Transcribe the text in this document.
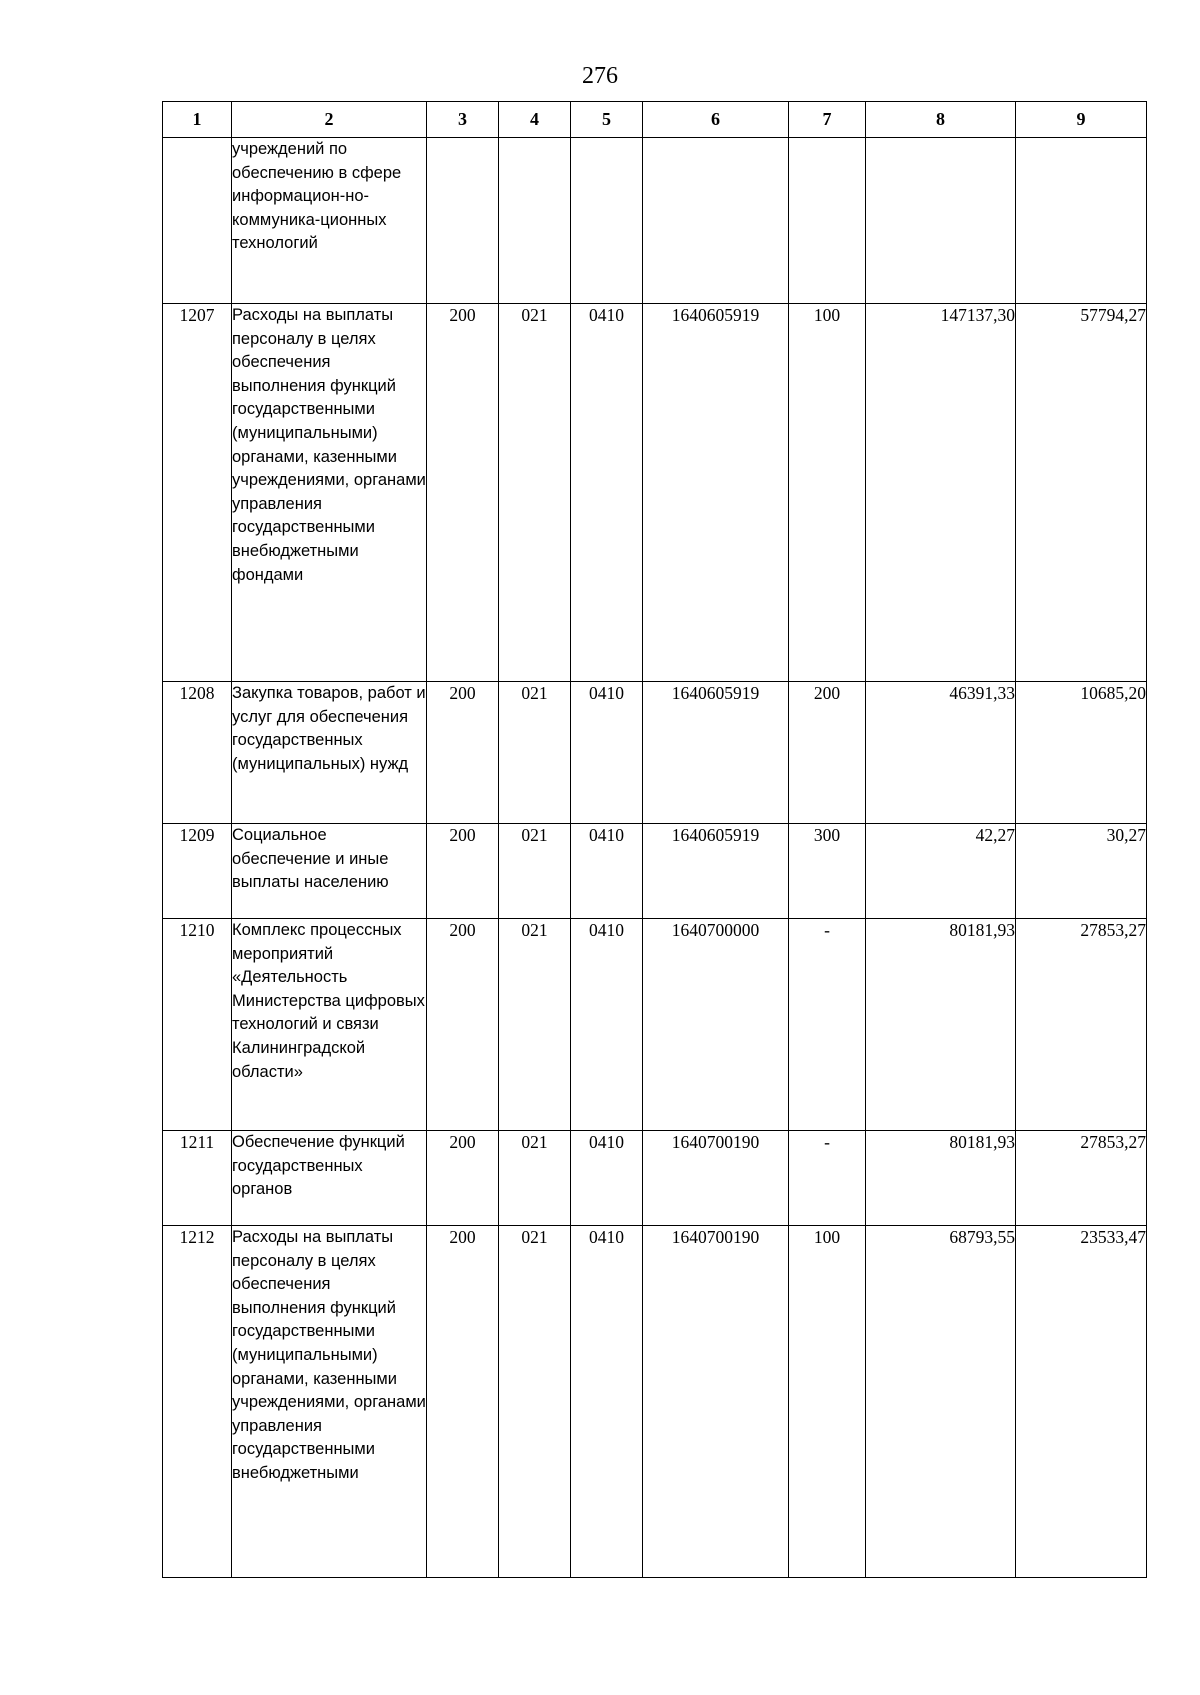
276
1	2	3	4	5	6	7	8	9
	учреждений по обеспечению в сфере информацион-но-коммуника-ционных технологий							
1207	Расходы на выплаты персоналу в целях обеспечения выполнения функций государственными (муниципальными) органами, казенными учреждениями, органами управления государственными внебюджетными фондами	200	021	0410	1640605919	100	147137,30	57794,27
1208	Закупка товаров, работ и услуг для обеспечения государственных (муниципальных) нужд	200	021	0410	1640605919	200	46391,33	10685,20
1209	Социальное обеспечение и иные выплаты населению	200	021	0410	1640605919	300	42,27	30,27
1210	Комплекс процессных мероприятий «Деятельность Министерства цифровых технологий и связи Калининградской области»	200	021	0410	1640700000	-	80181,93	27853,27
1211	Обеспечение функций государственных органов	200	021	0410	1640700190	-	80181,93	27853,27
1212	Расходы на выплаты персоналу в целях обеспечения выполнения функций государственными (муниципальными) органами, казенными учреждениями, органами управления государственными внебюджетными	200	021	0410	1640700190	100	68793,55	23533,47
